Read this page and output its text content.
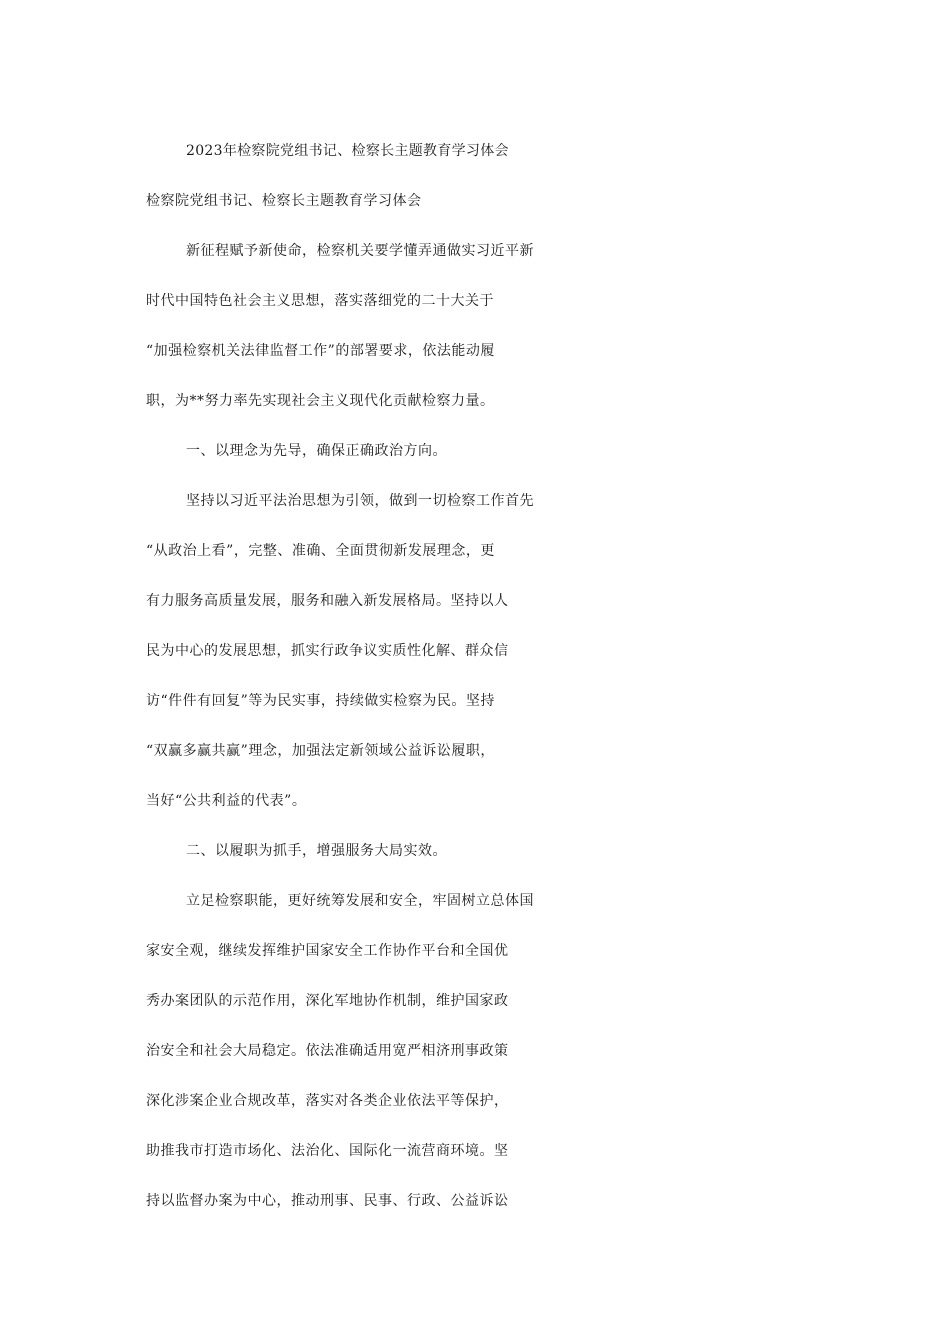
2023年检察院党组书记、检察长主题教育学习体会
检察院党组书记、检察长主题教育学习体会
新征程赋予新使命，检察机关要学懂弄通做实习近平新
时代中国特色社会主义思想，落实落细党的二十大关于
“加强检察机关法律监督工作”的部署要求，依法能动履
职，为**努力率先实现社会主义现代化贡献检察力量。
一、以理念为先导，确保正确政治方向。
坚持以习近平法治思想为引领，做到一切检察工作首先
“从政治上看”，完整、准确、全面贯彻新发展理念，更
有力服务高质量发展，服务和融入新发展格局。坚持以人
民为中心的发展思想，抓实行政争议实质性化解、群众信
访“件件有回复”等为民实事，持续做实检察为民。坚持
“双赢多赢共赢”理念，加强法定新领域公益诉讼履职，
当好“公共利益的代表”。
二、以履职为抓手，增强服务大局实效。
立足检察职能，更好统筹发展和安全，牢固树立总体国
家安全观，继续发挥维护国家安全工作协作平台和全国优
秀办案团队的示范作用，深化军地协作机制，维护国家政
治安全和社会大局稳定。依法准确适用宽严相济刑事政策
深化涉案企业合规改革，落实对各类企业依法平等保护，
助推我市打造市场化、法治化、国际化一流营商环境。坚
持以监督办案为中心，推动刑事、民事、行政、公益诉讼
